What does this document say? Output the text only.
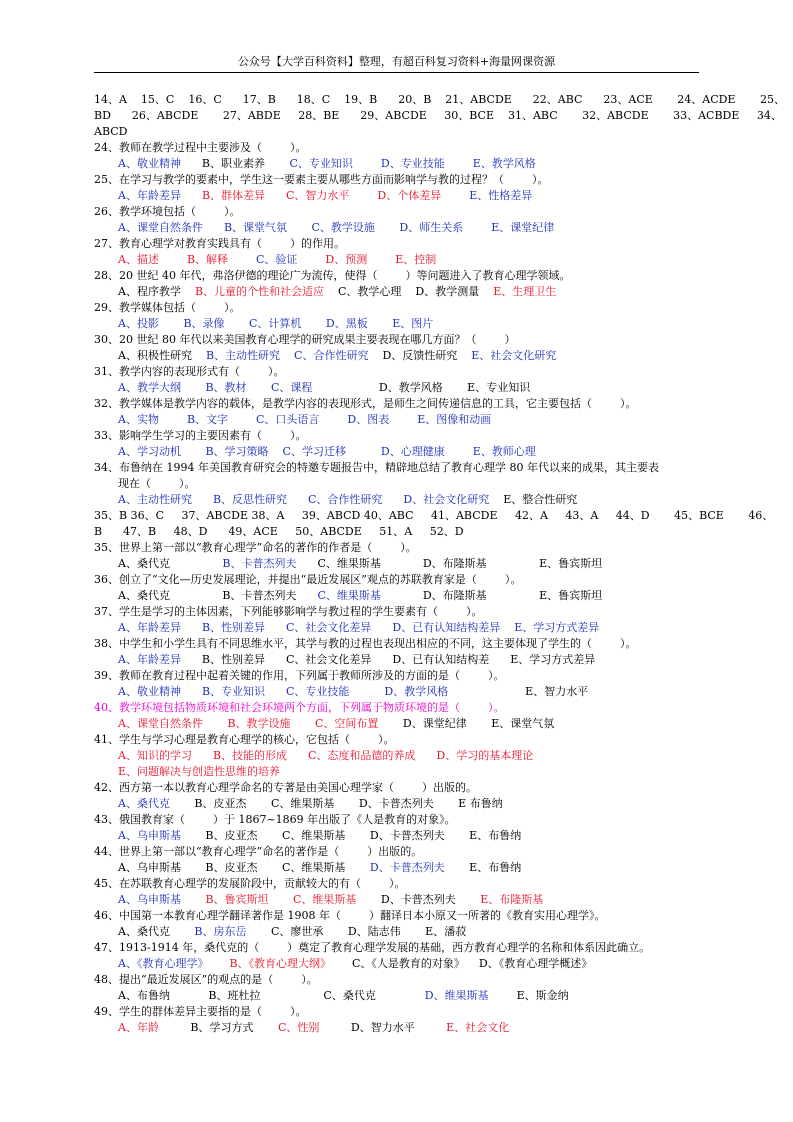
公众号【大学百科资料】整理，有超百科复习资料+海量网课资源
14、A    15、C    16、C      17、B      18、C    19、B      20、B    21、ABCDE      22、ABC      23、ACE       24、ACDE       25、
BD      26、ABCDE       27、ABDE     28、BE      29、ABCDE     30、BCE    31、ABC       32、ABCDE       33、ACBDE     34、
ABCD
24、教师在教学过程中主要涉及（        ）。
A、敬业精神      B、职业素养       C、专业知识	D、专业技能	E、教学风格
25、在学习与教学的要素中，学生这一要素主要从哪些方面而影响学与教的过程？（        ）。
A、年龄差异 B、群体差异 C、智力水平	D、个体差异	E、性格差异
26、教学环境包括（        ）。
A、课堂自然条件 B、课堂气氛 C、教学设施 D、师生关系	E、课堂纪律
27、教育心理学对教育实践具有（        ）的作用。
A、描述	B、解释	C、验证	D、预测	E、控制
28、20 世纪 40 年代，弗洛伊德的理论广为流传，使得（        ）等问题进入了教育心理学领域。
A、程序教学    B、儿童的个性和社会适应    C、教学心理    D、教学测量    E、生理卫生
29、教学媒体包括（        ）。
A、投影 B、录像 C、计算机 D、黑板 E、图片
30、20 世纪 80 年代以来美国教育心理学的研究成果主要表现在哪几方面？（        ）
A、积极性研究    B、主动性研究 C、合作性研究    D、反馈性研究    E、社会文化研究
31、教学内容的表现形式有（        ）。
A、教学大纲 B、教材 C、课程                   D、教学风格       E、专业知识
32、教学媒体是教学内容的载体，是教学内容的表现形式，是师生之间传递信息的工具，它主要包括（        ）。
A、实物	B、文字	C、口头语言	D、图表	E、图像和动画
33、影响学生学习的主要因素有（        ）。
A、学习动机 B、学习策略 C、学习迁移	D、心理健康	E、教师心理
34、布鲁纳在 1994 年美国教育研究会的特邀专题报告中，精辟地总结了教育心理学 80 年代以来的成果，其主要表
现在（        ）。
A、主动性研究 B、反思性研究 C、合作性研究 D、社会文化研究    E、整合性研究
35、B 36、C     37、ABCDE 38、A     39、ABCD 40、ABC     41、ABCDE     42、A     43、A     44、D       45、BCE       46、
B      47、B     48、D      49、ACE     50、ABCDE     51、A     52、D
35、世界上第一部以“教育心理学”命名的著作的作者是（        ）。
A、桑代克               B、卡普杰列夫      C、维果斯基            D、布隆斯基               E、鲁宾斯坦
36、创立了“文化—历史发展理论，并提出“最近发展区”观点的苏联教育家是（        ）。
A、桑代克               B、卡普杰列夫      C、维果斯基            D、布隆斯基               E、鲁宾斯坦
37、学生是学习的主体因素，下列能够影响学与教过程的学生要素有（        ）。
A、年龄差异 B、性别差异 C、社会文化差异 D、已有认知结构差异 E、学习方式差异
38、中学生和小学生具有不同思维水平，其学与教的过程也表现出相应的不同，这主要体现了学生的（        ）。
A、年龄差异      B、性别差异      C、社会文化差异      D、已有认知结构差      E、学习方式差异
39、教师在教育过程中起着关键的作用，下列属于教师所涉及的方面的是（        ）。
A、敬业精神 B、专业知识 C、专业技能	D、教学风格                      E、智力水平
40、教学环境包括物质环境和社会环境两个方面，下列属于物质环境的是（        ）。
A、课堂自然条件 B、教学设施 C、空间布置       D、课堂纪律       E、课堂气氛
41、学生与学习心理是教育心理学的核心，它包括（        ）。
A、知识的学习 B、技能的形成 C、态度和品德的养成 D、学习的基本理论
E、问题解决与创造性思维的培养
42、西方第一本以教育心理学命名的专著是由美国心理学家（        ）出版的。
A、桑代克       B、皮亚杰       C、维果斯基       D、卡普杰列夫       E 布鲁纳
43、俄国教育家（        ）于 1867~1869 年出版了《人是教育的对象》。
A、乌申斯基       B、皮亚杰       C、维果斯基       D、卡普杰列夫       E、布鲁纳
44、世界上第一部以“教育心理学”命名的著作是（        ）出版的。
A、乌申斯基       B、皮亚杰       C、维果斯基       D、卡普杰列夫       E、布鲁纳
45、在苏联教育心理学的发展阶段中，贡献较大的有（        ）。
A、乌申斯基 B、鲁宾斯坦 C、维果斯基       D、卡普杰列夫       E、布隆斯基
46、中国第一本教育心理学翻译著作是 1908 年（        ）翻译日本小原又一所著的《教育实用心理学》。
A、桑代克       B、房东岳       C、廖世承       D、陆志伟       E、潘菽
47、1913-1914 年，桑代克的（        ）奠定了教育心理学发展的基础，西方教育心理学的名称和体系因此确立。
A、《教育心理学》 B、《教育心理大纲》      C、《人是教育的对象》    D、《教育心理学概述》
48、提出“最近发展区”的观点的是（        ）。
A、布鲁纳           B、班杜拉                  C、桑代克              D、维果斯基        E、斯金纳
49、学生的群体差异主要指的是（        ）。
A、年龄         B、学习方式       C、性别         D、智力水平         E、社会文化
